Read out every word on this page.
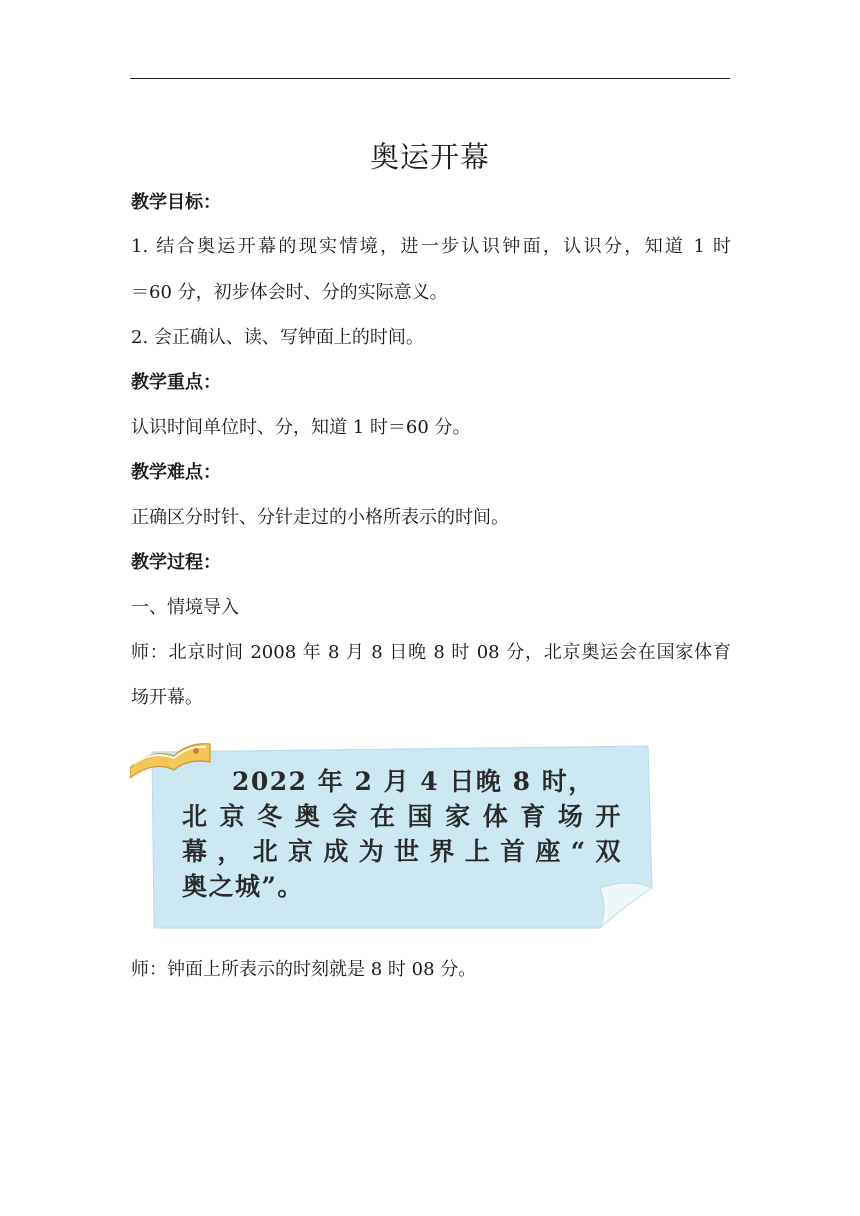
奥运开幕
教学目标：
1. 结合奥运开幕的现实情境，进一步认识钟面，认识分，知道 1 时
＝60 分，初步体会时、分的实际意义。
2. 会正确认、读、写钟面上的时间。
教学重点：
认识时间单位时、分，知道 1 时＝60 分。
教学难点：
正确区分时针、分针走过的小格所表示的时间。
教学过程：
一、情境导入
师：北京时间 2008 年 8 月 8 日晚 8 时 08 分，北京奥运会在国家体育
场开幕。
2022 年 2 月 4 日晚 8 时，
北京冬奥会在国家体育场开
幕，北京成为世界上首座“双
奥之城”。
师：钟面上所表示的时刻就是 8 时 08 分。
